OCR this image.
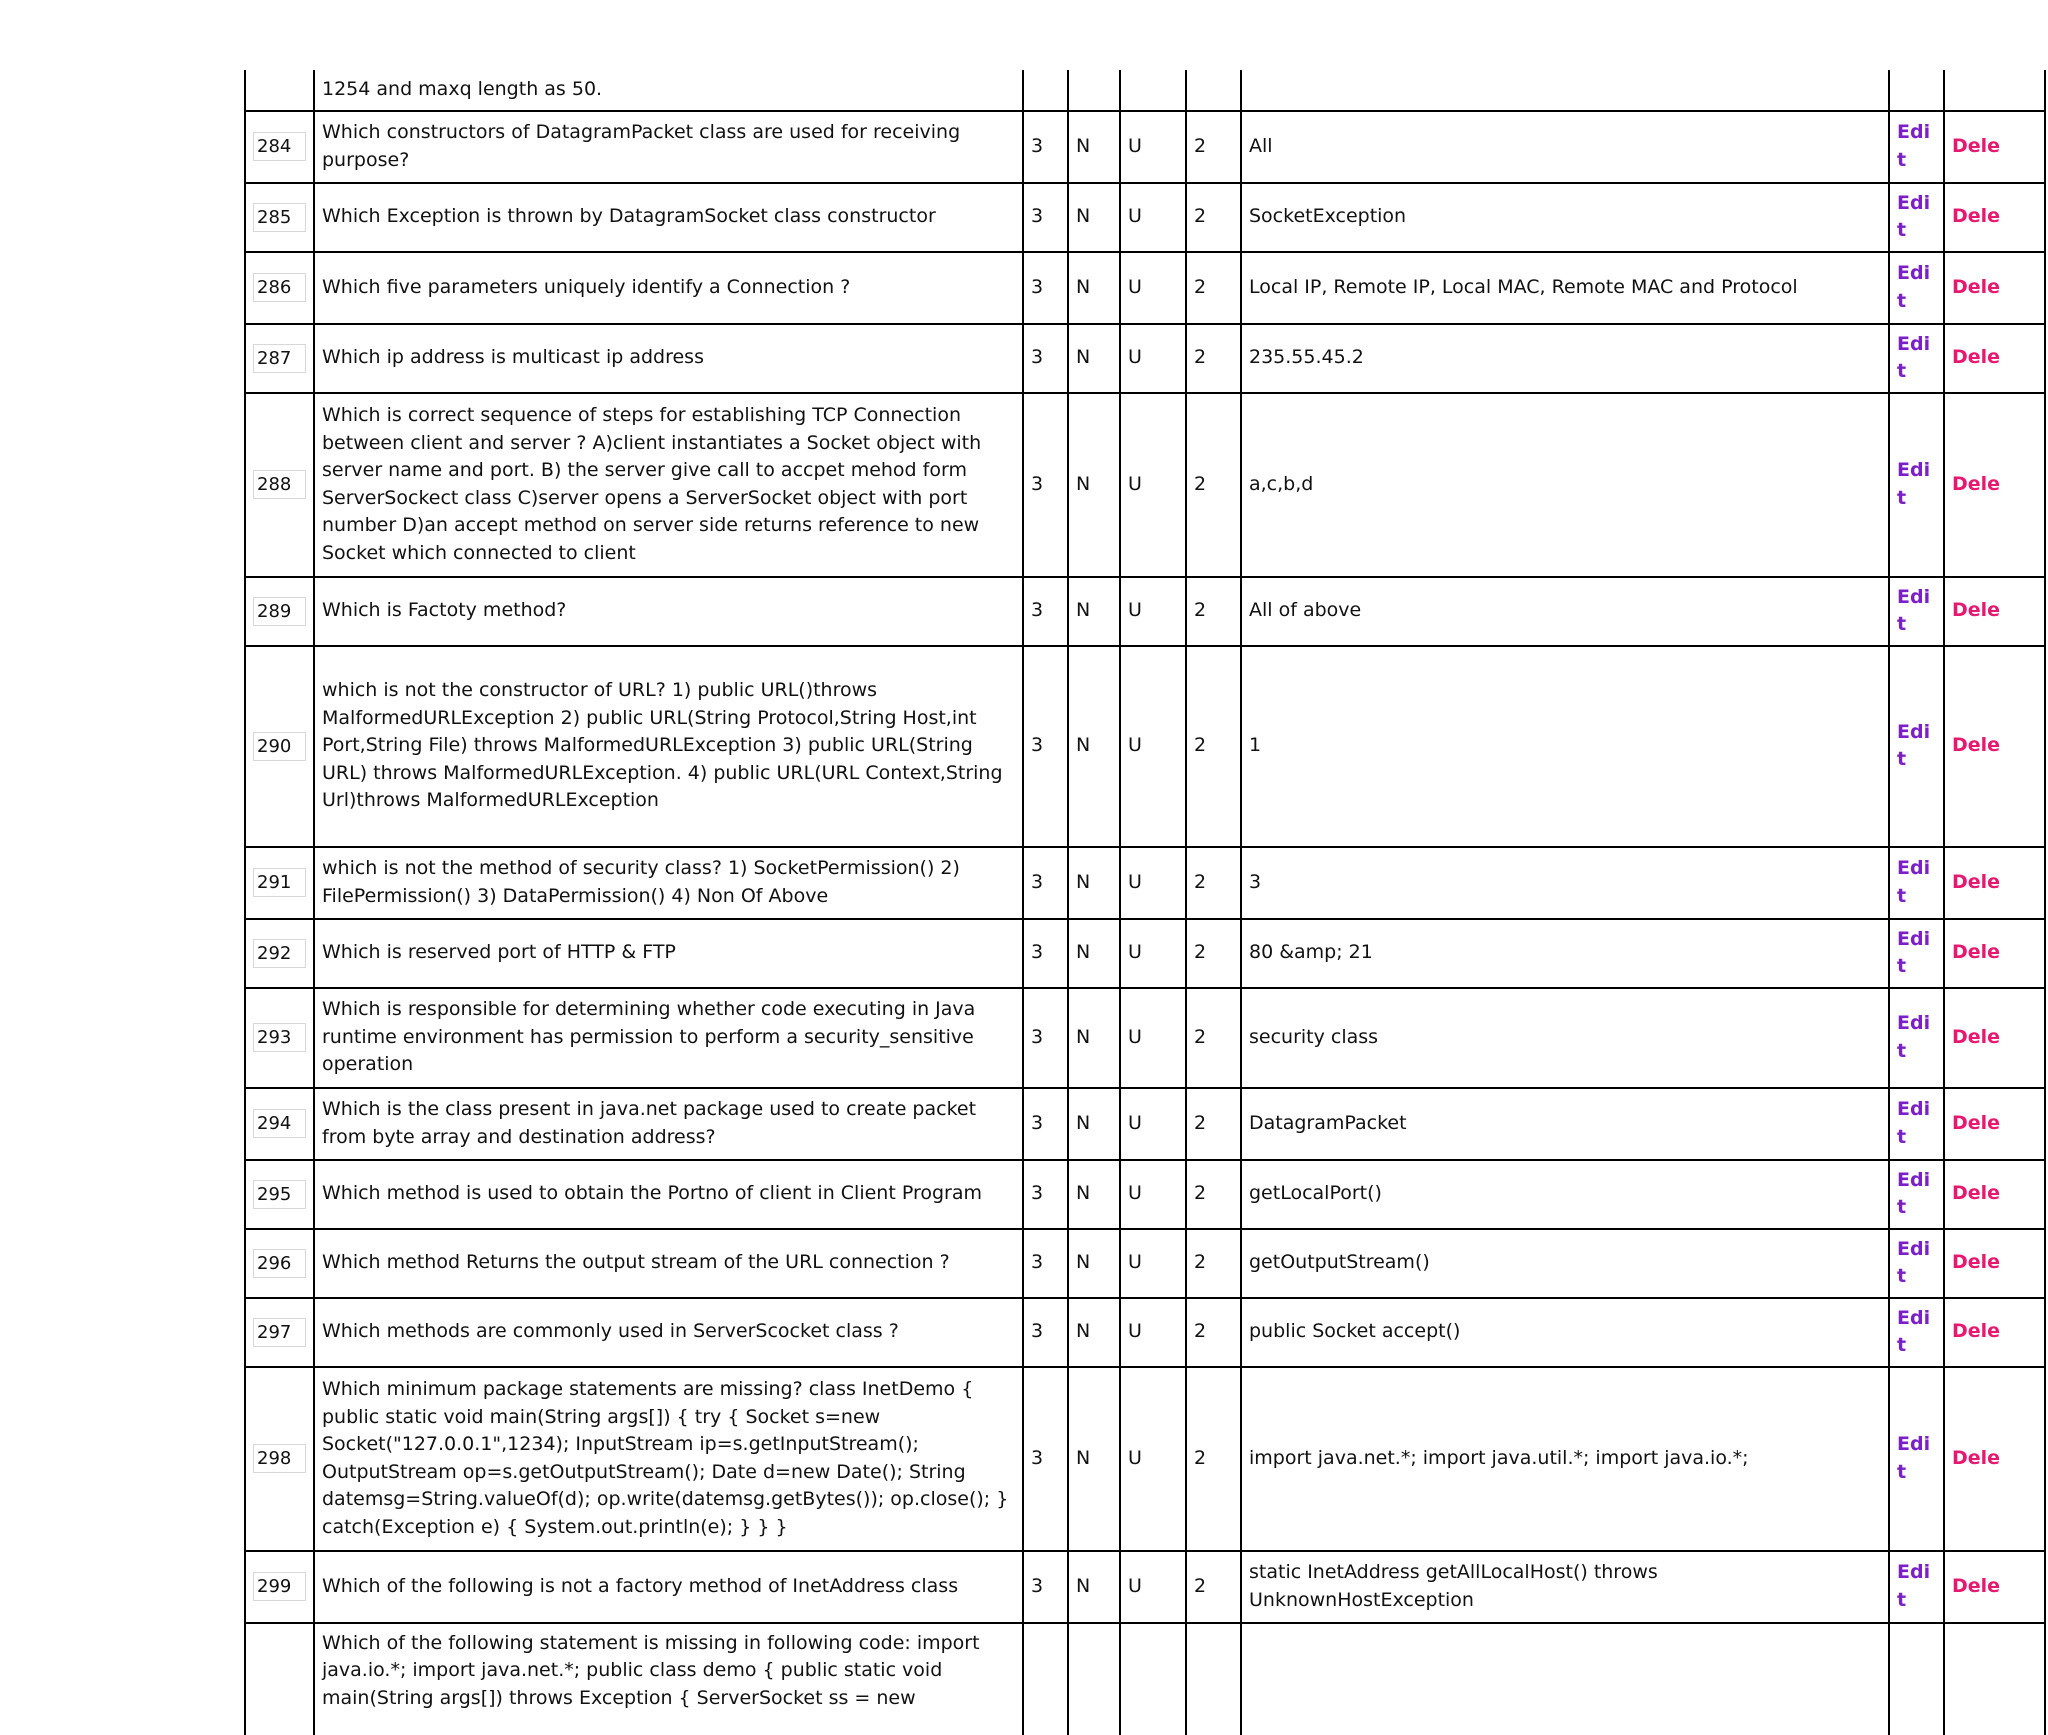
	1254 and maxq length as 50.							

284	Which constructors of DatagramPacket class are used for receiving purpose?	3	N	U	2	All	Edit	Dele

285	Which Exception is thrown by DatagramSocket class constructor	3	N	U	2	SocketException	Edit	Dele

286	Which five parameters uniquely identify a Connection ?	3	N	U	2	Local IP, Remote IP, Local MAC, Remote MAC and Protocol	Edit	Dele

287	Which ip address is multicast ip address	3	N	U	2	235.55.45.2	Edit	Dele

288	Which is correct sequence of steps for establishing TCP Connection between client and server ? A)client instantiates a Socket object with server name and port. B) the server give call to accpet mehod form ServerSockect class C)server opens a ServerSocket object with port number D)an accept method on server side returns reference to new Socket which connected to client	3	N	U	2	a,c,b,d	Edit	Dele

289	Which is Factoty method?	3	N	U	2	All of above	Edit	Dele

290	which is not the constructor of URL? 1) public URL()throws MalformedURLException 2) public URL(String Protocol,String Host,int Port,String File) throws MalformedURLException 3) public URL(String URL) throws MalformedURLException. 4) public URL(URL Context,String Url)throws MalformedURLException	3	N	U	2	1	Edit	Dele

291	which is not the method of security class? 1) SocketPermission() 2) FilePermission() 3) DataPermission() 4) Non Of Above	3	N	U	2	3	Edit	Dele

292	Which is reserved port of HTTP & FTP	3	N	U	2	80 &amp; 21	Edit	Dele

293	Which is responsible for determining whether code executing in Java runtime environment has permission to perform a security_sensitive operation	3	N	U	2	security class	Edit	Dele

294	Which is the class present in java.net package used to create packet from byte array and destination address?	3	N	U	2	DatagramPacket	Edit	Dele

295	Which method is used to obtain the Portno of client in Client Program	3	N	U	2	getLocalPort()	Edit	Dele

296	Which method Returns the output stream of the URL connection ?	3	N	U	2	getOutputStream()	Edit	Dele

297	Which methods are commonly used in ServerScocket class ?	3	N	U	2	public Socket accept()	Edit	Dele

298	Which minimum package statements are missing? class InetDemo { public static void main(String args[]) { try { Socket s=new Socket("127.0.0.1",1234); InputStream ip=s.getInputStream(); OutputStream op=s.getOutputStream(); Date d=new Date(); String datemsg=String.valueOf(d); op.write(datemsg.getBytes()); op.close(); } catch(Exception e) { System.out.println(e); } } }	3	N	U	2	import java.net.*; import java.util.*; import java.io.*;	Edit	Dele

299	Which of the following is not a factory method of InetAddress class	3	N	U	2	static InetAddress getAllLocalHost() throws UnknownHostException	Edit	Dele
	Which of the following statement is missing in following code: import java.io.*; import java.net.*; public class demo { public static void main(String args[]) throws Exception { ServerSocket ss = new							
